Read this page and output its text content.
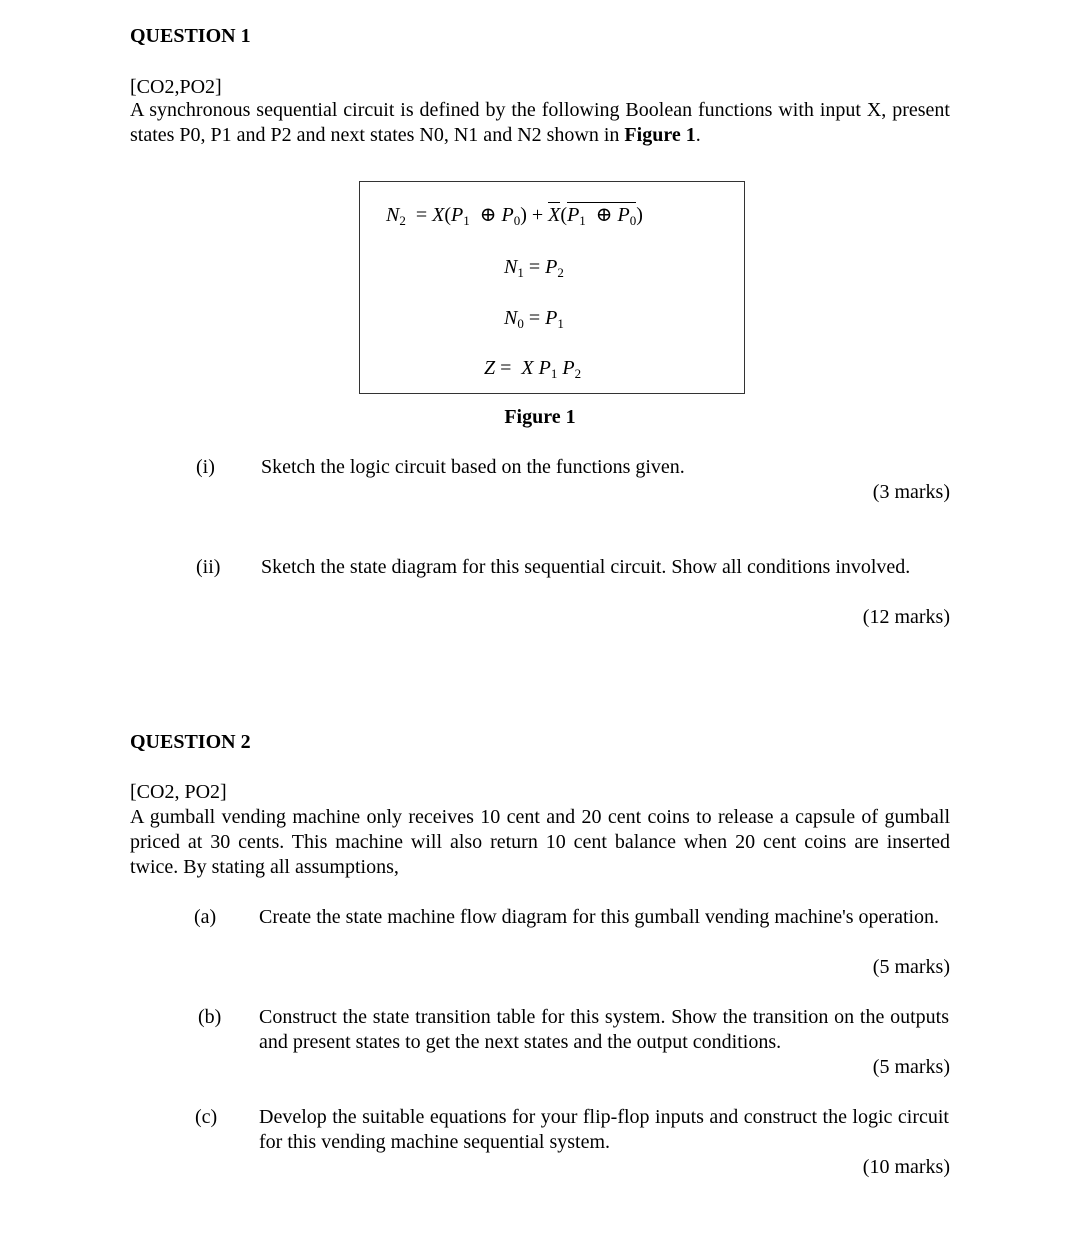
QUESTION 1
[CO2,PO2]
A synchronous sequential circuit is defined by the following Boolean functions with input X, present states P0, P1 and P2 and next states N0, N1 and N2 shown in Figure 1.
$N_2 = X(P_1$ ⊕ $P_0) + X(P_1$ ⊕ $P_0$)
$N_1 = P_2$
$N_0 = P_1$
Z =  X $P_1$ $P_2$
Figure 1
(i)	Sketch the logic circuit based on the functions given.
(3 marks)
(ii)	Sketch the state diagram for this sequential circuit. Show all conditions involved.
(12 marks)
QUESTION 2
[CO2, PO2]
A gumball vending machine only receives 10 cent and 20 cent coins to release a capsule of gumball priced at 30 cents. This machine will also return 10 cent balance when 20 cent coins are inserted twice. By stating all assumptions,
(a)	Create the state machine flow diagram for this gumball vending machine's operation.
(5 marks)
(b)	Construct the state transition table for this system. Show the transition on the outputs and present states to get the next states and the output conditions.
(5 marks)
(c)	Develop the suitable equations for your flip-flop inputs and construct the logic circuit for this vending machine sequential system.
(10 marks)
